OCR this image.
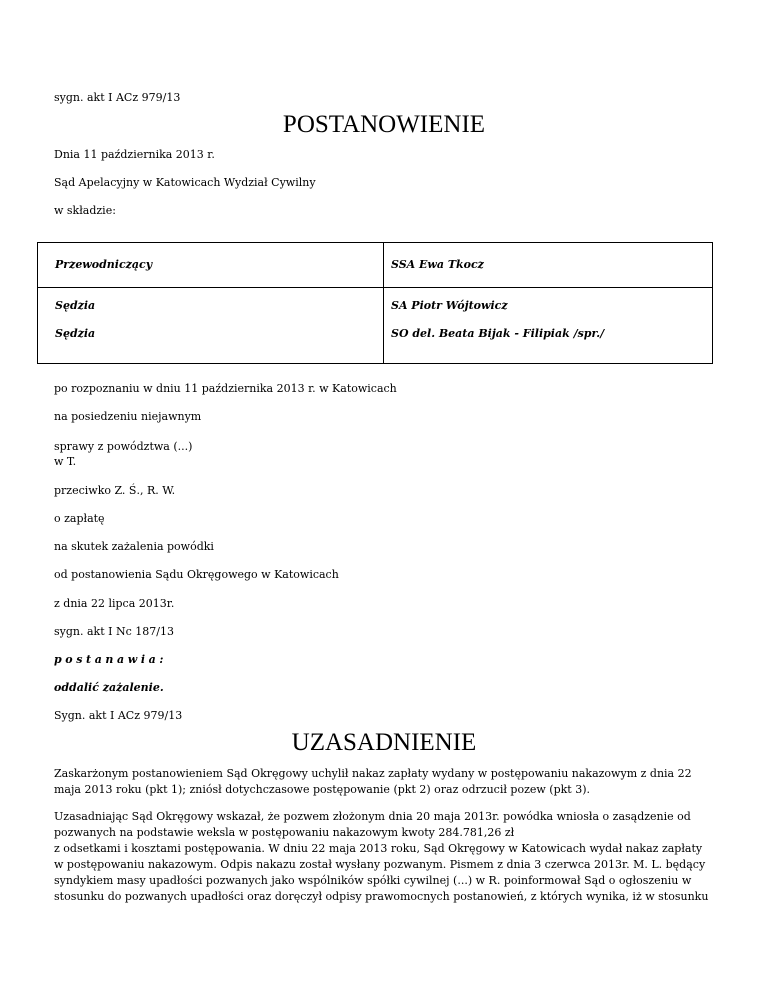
sygn. akt I ACz 979/13
POSTANOWIENIE
Dnia 11 października 2013 r.
Sąd Apelacyjny w Katowicach Wydział Cywilny
w składzie:
Przewodniczący	SSA Ewa Tkocz
Sędzia	SA Piotr Wójtowicz
Sędzia	SO del. Beata Bijak - Filipiak /spr./
po rozpoznaniu w dniu 11 października 2013 r. w Katowicach
na posiedzeniu niejawnym
sprawy z powództwa (...)
w T.
przeciwko Z. Ś., R. W.
o zapłatę
na skutek zażalenia powódki
od postanowienia Sądu Okręgowego w Katowicach
z dnia 22 lipca 2013r.
sygn. akt I Nc 187/13
postanawia:
oddalić zażalenie.
Sygn. akt I ACz 979/13
UZASADNIENIE
Zaskarżonym postanowieniem Sąd Okręgowy uchylił nakaz zapłaty wydany w postępowaniu nakazowym z dnia 22
maja 2013 roku (pkt 1); zniósł dotychczasowe postępowanie (pkt 2) oraz odrzucił pozew (pkt 3).
Uzasadniając Sąd Okręgowy wskazał, że pozwem złożonym dnia 20 maja 2013r. powódka wniosła o zasądzenie od
pozwanych na podstawie weksla w postępowaniu nakazowym kwoty 284.781,26 zł
z odsetkami i kosztami postępowania. W dniu 22 maja 2013 roku, Sąd Okręgowy w Katowicach wydał nakaz zapłaty
w postępowaniu nakazowym. Odpis nakazu został wysłany pozwanym. Pismem z dnia 3 czerwca 2013r. M. L. będący
syndykiem masy upadłości pozwanych jako wspólników spółki cywilnej (...) w R. poinformował Sąd o ogłoszeniu w
stosunku do pozwanych upadłości oraz doręczył odpisy prawomocnych postanowień, z których wynika, iż w stosunku
